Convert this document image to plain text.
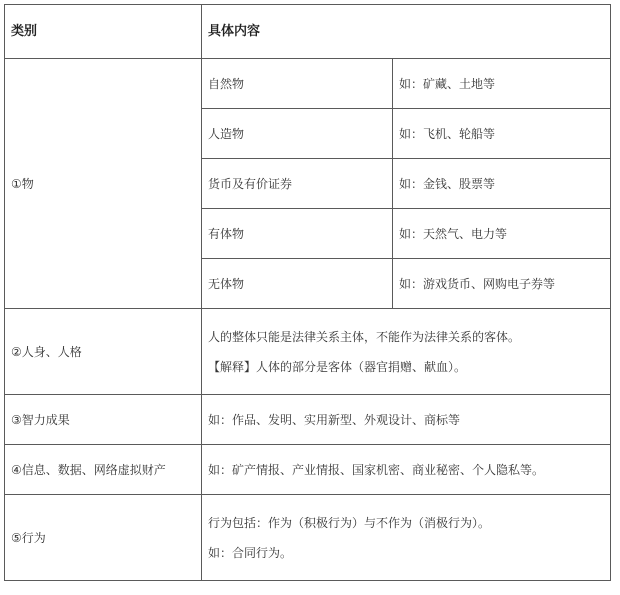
类别	具体内容	
①物	自然物	如：矿藏、土地等
	人造物	如：飞机、轮船等
	货币及有价证券	如：金钱、股票等
	有体物	如：天然气、电力等
	无体物	如：游戏货币、网购电子券等
②人身、人格	人的整体只能是法律关系主体，不能作为法律关系的客体。

【解释】人体的部分是客体（器官捐赠、献血）。	

③智力成果	如：作品、发明、实用新型、外观设计、商标等	
④信息、数据、网络虚拟财产	如：矿产情报、产业情报、国家机密、商业秘密、个人隐私等。	
⑤行为	行为包括：作为（积极行为）与不作为（消极行为）。

如：合同行为。	
